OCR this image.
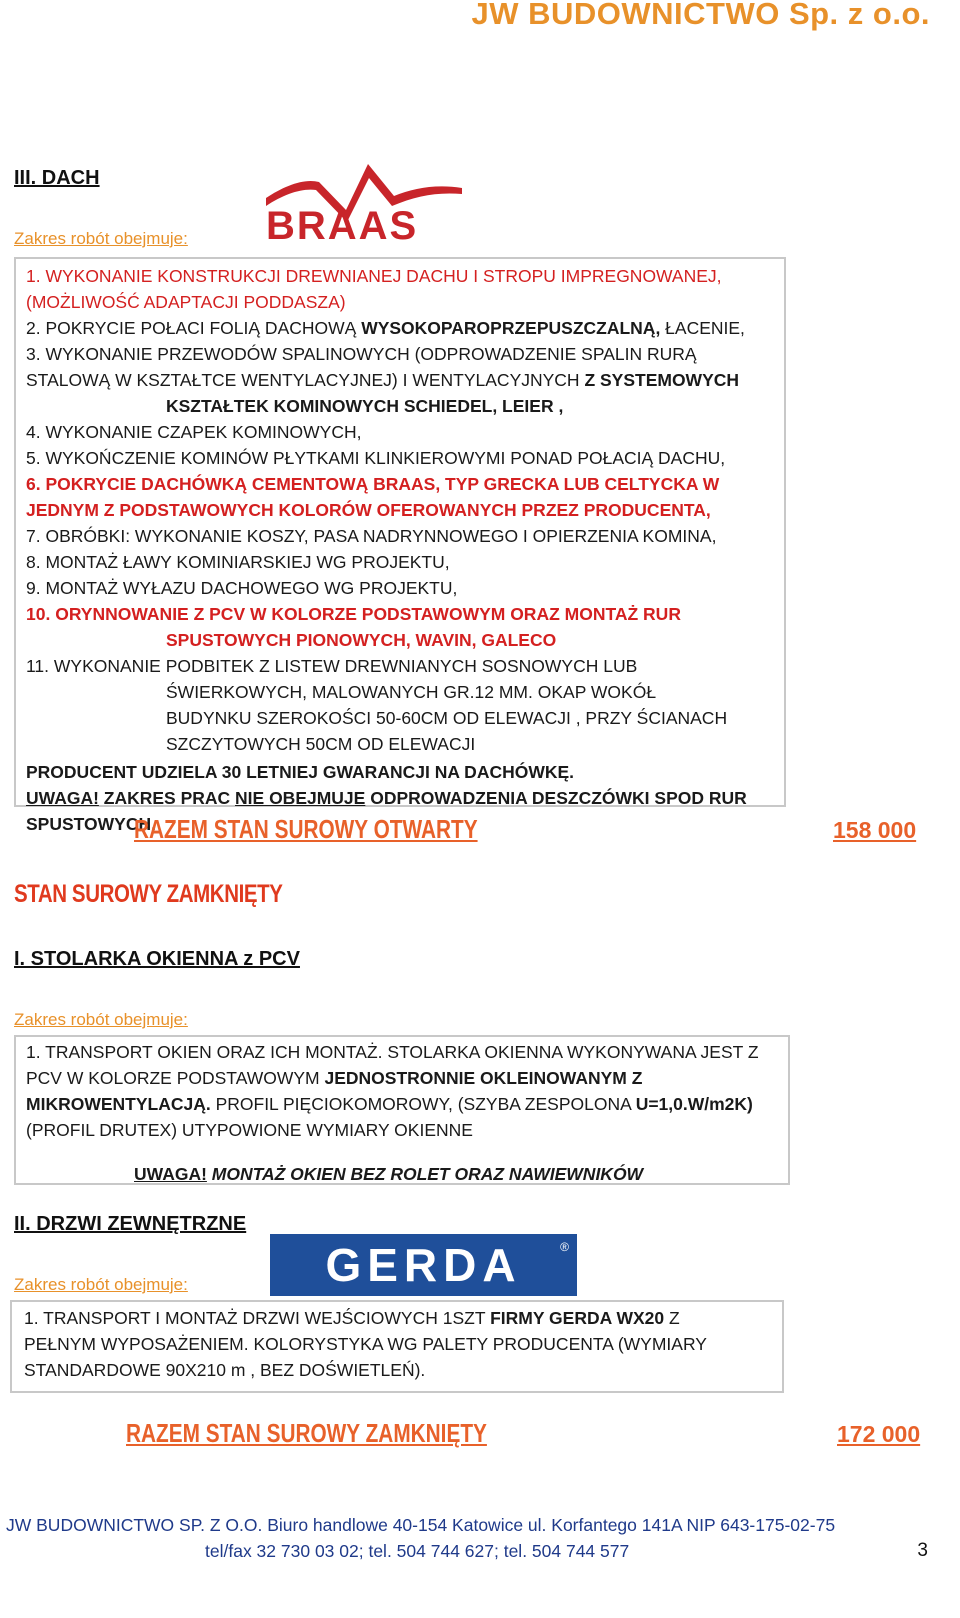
JW BUDOWNICTWO Sp. z o.o.
III. DACH
BRAAS
Zakres robót obejmuje:
1. WYKONANIE KONSTRUKCJI DREWNIANEJ DACHU I STROPU IMPREGNOWANEJ,
(MOŻLIWOŚĆ ADAPTACJI PODDASZA)
2. POKRYCIE POŁACI FOLIĄ DACHOWĄ WYSOKOPAROPRZEPUSZCZALNĄ, ŁACENIE,
3. WYKONANIE PRZEWODÓW SPALINOWYCH (ODPROWADZENIE SPALIN RURĄ
STALOWĄ W KSZTAŁTCE WENTYLACYJNEJ) I WENTYLACYJNYCH Z SYSTEMOWYCH
KSZTAŁTEK KOMINOWYCH SCHIEDEL, LEIER ,
4. WYKONANIE CZAPEK KOMINOWYCH,
5. WYKOŃCZENIE KOMINÓW PŁYTKAMI KLINKIEROWYMI PONAD POŁACIĄ DACHU,
6. POKRYCIE DACHÓWKĄ CEMENTOWĄ BRAAS, TYP GRECKA LUB CELTYCKA W
JEDNYM Z PODSTAWOWYCH KOLORÓW OFEROWANYCH PRZEZ PRODUCENTA,
7. OBRÓBKI: WYKONANIE KOSZY, PASA NADRYNNOWEGO I OPIERZENIA KOMINA,
8. MONTAŻ ŁAWY KOMINIARSKIEJ WG PROJEKTU,
9. MONTAŻ WYŁAZU DACHOWEGO WG PROJEKTU,
10. ORYNNOWANIE Z PCV W KOLORZE PODSTAWOWYM ORAZ MONTAŻ RUR
SPUSTOWYCH PIONOWYCH, WAVIN, GALECO
11. WYKONANIE PODBITEK Z LISTEW DREWNIANYCH SOSNOWYCH LUB
ŚWIERKOWYCH, MALOWANYCH GR.12 MM. OKAP WOKÓŁ
BUDYNKU SZEROKOŚCI 50-60CM OD ELEWACJI , PRZY ŚCIANACH
SZCZYTOWYCH 50CM OD ELEWACJI
PRODUCENT UDZIELA 30 LETNIEJ GWARANCJI NA DACHÓWKĘ.
UWAGA! ZAKRES PRAC NIE OBEJMUJE ODPROWADZENIA DESZCZÓWKI SPOD RUR
SPUSTOWYCH.
RAZEM STAN SUROWY OTWARTY	158 000
STAN SUROWY ZAMKNIĘTY
I. STOLARKA OKIENNA z PCV
Zakres robót obejmuje:
1. TRANSPORT OKIEN ORAZ ICH MONTAŻ. STOLARKA OKIENNA WYKONYWANA JEST Z
PCV W KOLORZE PODSTAWOWYM JEDNOSTRONNIE OKLEINOWANYM Z
MIKROWENTYLACJĄ. PROFIL PIĘCIOKOMOROWY, (SZYBA ZESPOLONA U=1,0.W/m2K)
(PROFIL DRUTEX) UTYPOWIONE WYMIARY OKIENNE
UWAGA! MONTAŻ OKIEN BEZ ROLET ORAZ NAWIEWNIKÓW
II. DRZWI ZEWNĘTRZNE
GERDA	®
Zakres robót obejmuje:
1. TRANSPORT I MONTAŻ DRZWI WEJŚCIOWYCH 1SZT FIRMY GERDA WX20 Z
PEŁNYM WYPOSAŻENIEM. KOLORYSTYKA WG PALETY PRODUCENTA (WYMIARY
STANDARDOWE 90X210 m , BEZ DOŚWIETLEŃ).
RAZEM STAN SUROWY ZAMKNIĘTY	172 000
JW BUDOWNICTWO SP. Z O.O. Biuro handlowe 40-154 Katowice ul. Korfantego 141A NIP 643-175-02-75
tel/fax 32 730 03 02; tel. 504 744 627; tel. 504 744 577	3
